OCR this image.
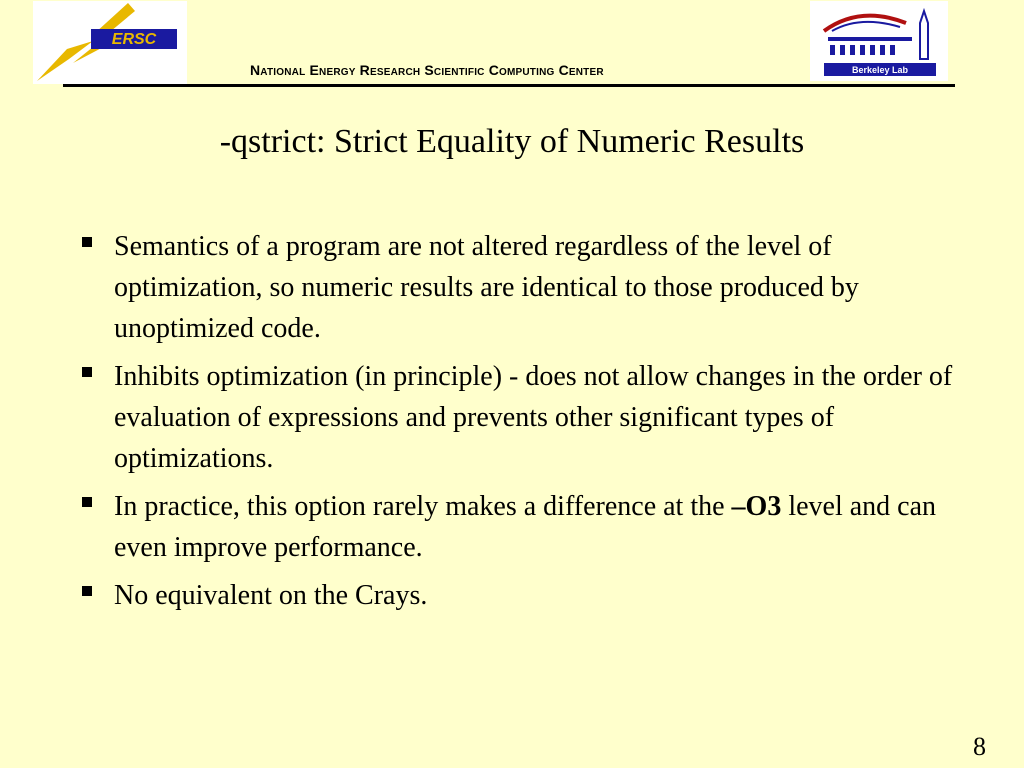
ERSC
Berkeley Lab
National Energy Research Scientific Computing Center
-qstrict: Strict Equality of Numeric Results
Semantics of a program are not altered regardless of the level of optimization, so numeric results are identical to those produced by unoptimized code.
Inhibits optimization (in principle) - does not allow changes in the order of evaluation of expressions and prevents other significant types of optimizations.
In practice, this option rarely makes a difference at the –O3 level and can even improve performance.
No equivalent on the Crays.
8
